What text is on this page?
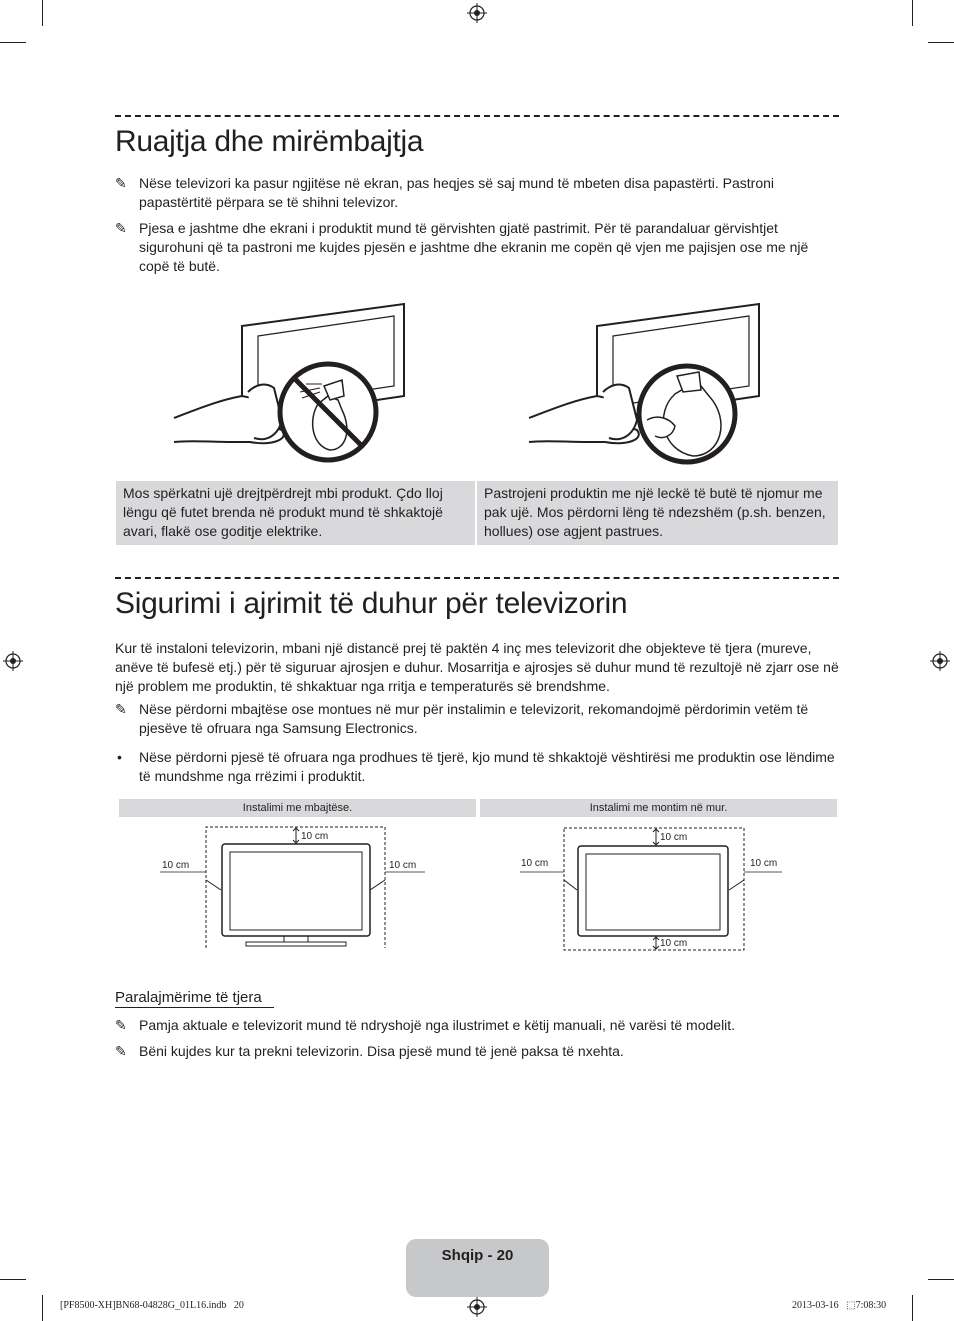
Ruajtja dhe mirëmbajtja
✎ Nëse televizori ka pasur ngjitëse në ekran, pas heqjes së saj mund të mbeten disa papastërti. Pastroni papastërtitë përpara se të shihni televizor.
✎ Pjesa e jashtme dhe ekrani i produktit mund të gërvishten gjatë pastrimit. Për të parandaluar gërvishtjet sigurohuni që ta pastroni me kujdes pjesën e jashtme dhe ekranin me copën që vjen me pajisjen ose me një copë të butë.
Mos spërkatni ujë drejtpërdrejt mbi produkt. Çdo lloj lëngu që futet brenda në produkt mund të shkaktojë avari, flakë ose goditje elektrike.
Pastrojeni produktin me një leckë të butë të njomur me pak ujë. Mos përdorni lëng të ndezshëm (p.sh. benzen, hollues) ose agjent pastrues.
Sigurimi i ajrimit të duhur për televizorin
Kur të instaloni televizorin, mbani një distancë prej të paktën 4 inç mes televizorit dhe objekteve të tjera (mureve, anëve të bufesë etj.) për të siguruar ajrosjen e duhur. Mosarritja e ajrosjes së duhur mund të rezultojë në zjarr ose në një problem me produktin, të shkaktuar nga rritja e temperaturës së brendshme.
✎ Nëse përdorni mbajtëse ose montues në mur për instalimin e televizorit, rekomandojmë përdorimin vetëm të pjesëve të ofruara nga Samsung Electronics.
•	Nëse përdorni pjesë të ofruara nga prodhues të tjerë, kjo mund të shkaktojë vështirësi me produktin ose lëndime të mundshme nga rrëzimi i produktit.
Instalimi me mbajtëse.	Instalimi me montim në mur.
10 cm
10 cm	10 cm
10 cm
10 cm	10 cm
10 cm
Paralajmërime të tjera
✎ Pamja aktuale e televizorit mund të ndryshojë nga ilustrimet e këtij manuali, në varësi të modelit.
✎ Bëni kujdes kur ta prekni televizorin. Disa pjesë mund të jenë paksa të nxehta.
Shqip - 20
[PF8500-XH]BN68-04828G_01L16.indb   20	2013-03-16   ⬚7:08:30
